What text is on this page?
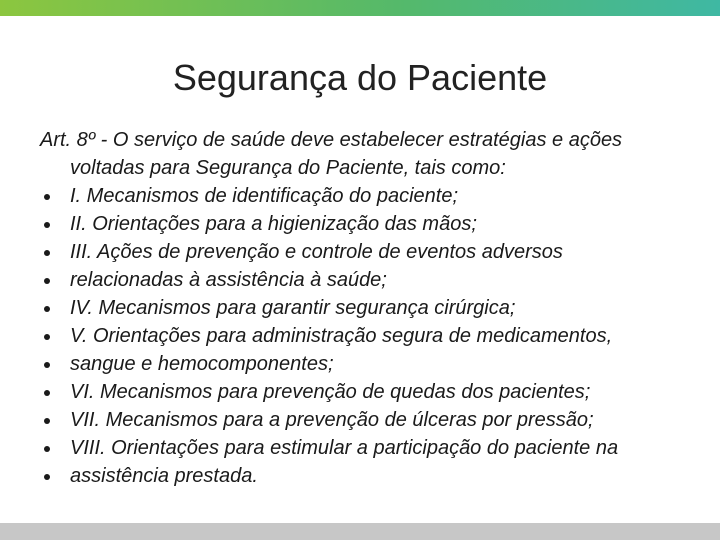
Segurança do Paciente

Art. 8º - O serviço de saúde deve estabelecer estratégias e ações voltadas para Segurança do Paciente, tais como:

I. Mecanismos de identificação do paciente;
II. Orientações para a higienização das mãos;
III. Ações de prevenção e controle de eventos adversos
relacionadas à assistência à saúde;
IV. Mecanismos para garantir segurança cirúrgica;
V. Orientações para administração segura de medicamentos,
sangue e hemocomponentes;
VI. Mecanismos para prevenção de quedas dos pacientes;
VII. Mecanismos para a prevenção de úlceras por pressão;
VIII. Orientações para estimular a participação do paciente na
assistência prestada.
